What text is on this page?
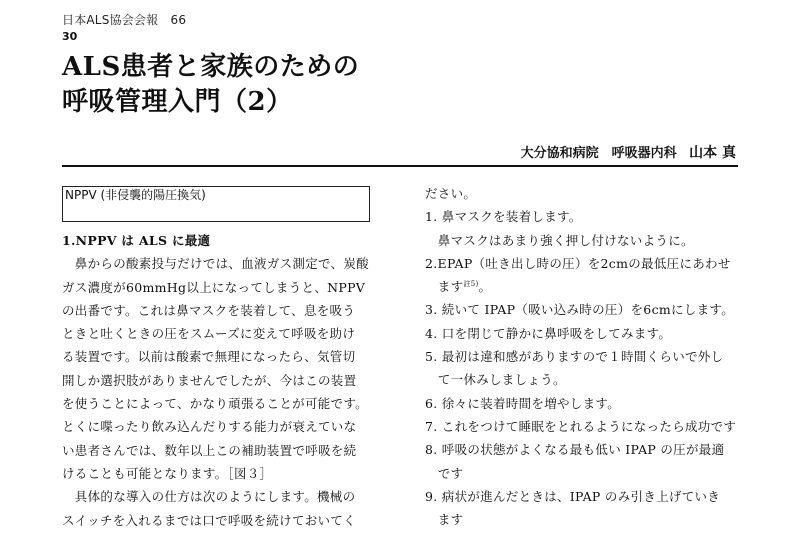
日本ALS協会会報　66
30
ALS患者と家族のための
呼吸管理入門（2）
大分協和病院　呼吸器内科 山本 真
NPPV (非侵襲的陽圧換気)
1.NPPV は ALS に最適
　鼻からの酸素投与だけでは、血液ガス測定で、炭酸
ガス濃度が60mmHg以上になってしまうと、NPPV
の出番です。これは鼻マスクを装着して、息を吸う
ときと吐くときの圧をスムーズに変えて呼吸を助け
る装置です。以前は酸素で無理になったら、気管切
開しか選択肢がありませんでしたが、今はこの装置
を使うことによって、かなり頑張ることが可能です。
とくに喋ったり飲み込んだりする能力が衰えていな
い患者さんでは、数年以上この補助装置で呼吸を続
けることも可能となります。［図３］
　具体的な導入の仕方は次のようにします。機械の
スイッチを入れるまでは口で呼吸を続けておいてく
ださい。
1. 鼻マスクを装着します。
　鼻マスクはあまり強く押し付けないように。
2.EPAP（吐き出し時の圧）を2cmの最低圧にあわせ
　ます$^{註5)}$。
3. 続いて IPAP（吸い込み時の圧）を6cmにします。
4. 口を閉じて静かに鼻呼吸をしてみます。
5. 最初は違和感がありますので１時間くらいで外し
　て一休みしましょう。
6. 徐々に装着時間を増やします。
7. これをつけて睡眠をとれるようになったら成功です
8. 呼吸の状態がよくなる最も低い IPAP の圧が最適
　です
9. 病状が進んだときは、IPAP のみ引き上げていき
　ます
